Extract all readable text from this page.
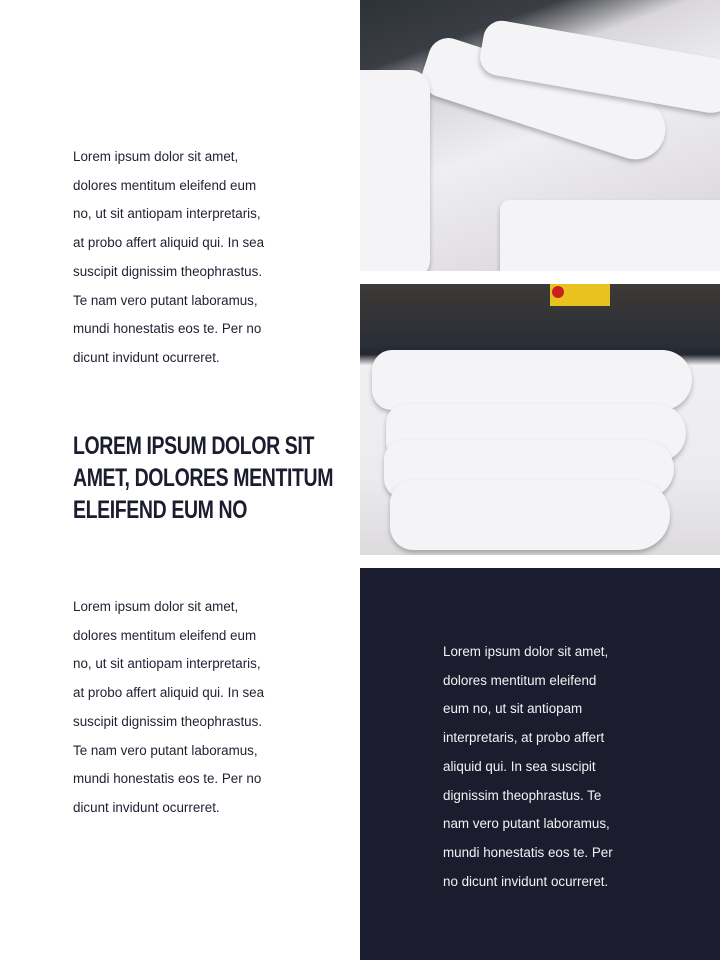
Lorem ipsum dolor sit amet,
dolores mentitum eleifend eum
no, ut sit antiopam interpretaris,
at probo affert aliquid qui. In sea
suscipit dignissim theophrastus.
Te nam vero putant laboramus,
mundi honestatis eos te. Per no
dicunt invidunt ocurreret.
LOREM IPSUM DOLOR SIT
AMET, DOLORES MENTITUM
ELEIFEND EUM NO
Lorem ipsum dolor sit amet,
dolores mentitum eleifend eum
no, ut sit antiopam interpretaris,
at probo affert aliquid qui. In sea
suscipit dignissim theophrastus.
Te nam vero putant laboramus,
mundi honestatis eos te. Per no
dicunt invidunt ocurreret.
Lorem ipsum dolor sit amet,
dolores mentitum eleifend
eum no, ut sit antiopam
interpretaris, at probo affert
aliquid qui. In sea suscipit
dignissim theophrastus. Te
nam vero putant laboramus,
mundi honestatis eos te. Per
no dicunt invidunt ocurreret.
